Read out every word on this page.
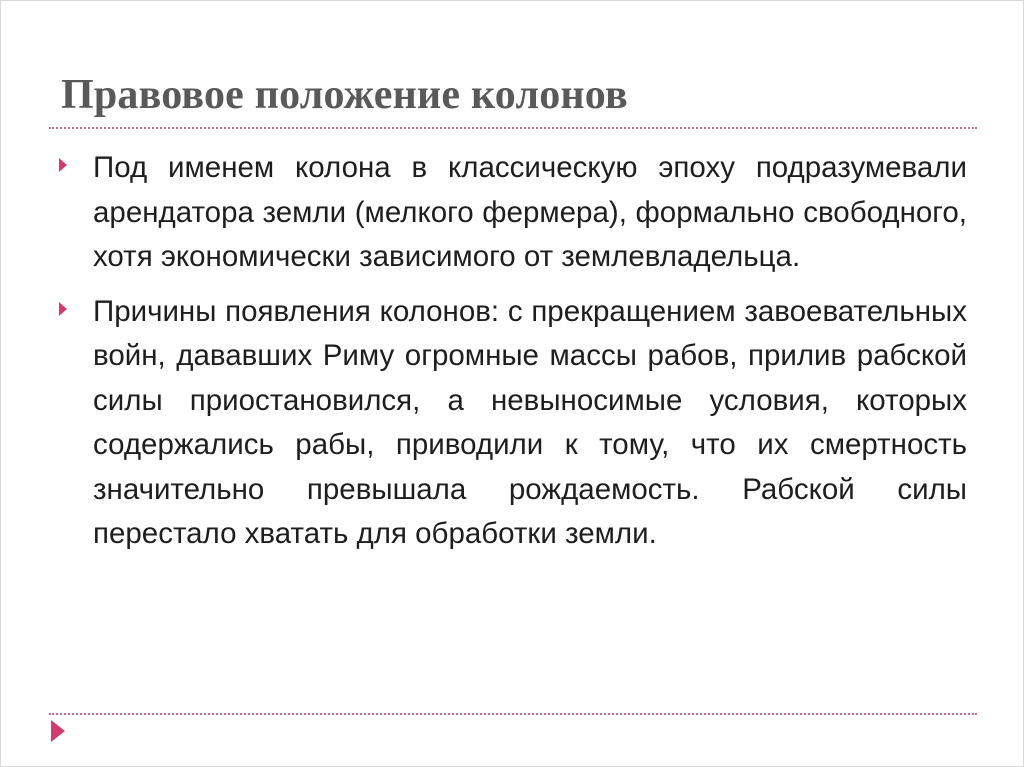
Правовое положение колонов
Под именем колона в классическую эпоху подразумевали арендатора земли (мелкого фермера), формально свободного, хотя экономически зависимого от землевладельца.
Причины появления колонов: с прекращением завоевательных войн, дававших Риму огромные массы рабов, прилив рабской силы приостановился, а невыносимые условия, которых содержались рабы, приводили к тому, что их смертность значительно превышала рождаемость. Рабской силы перестало хватать для обработки земли.
